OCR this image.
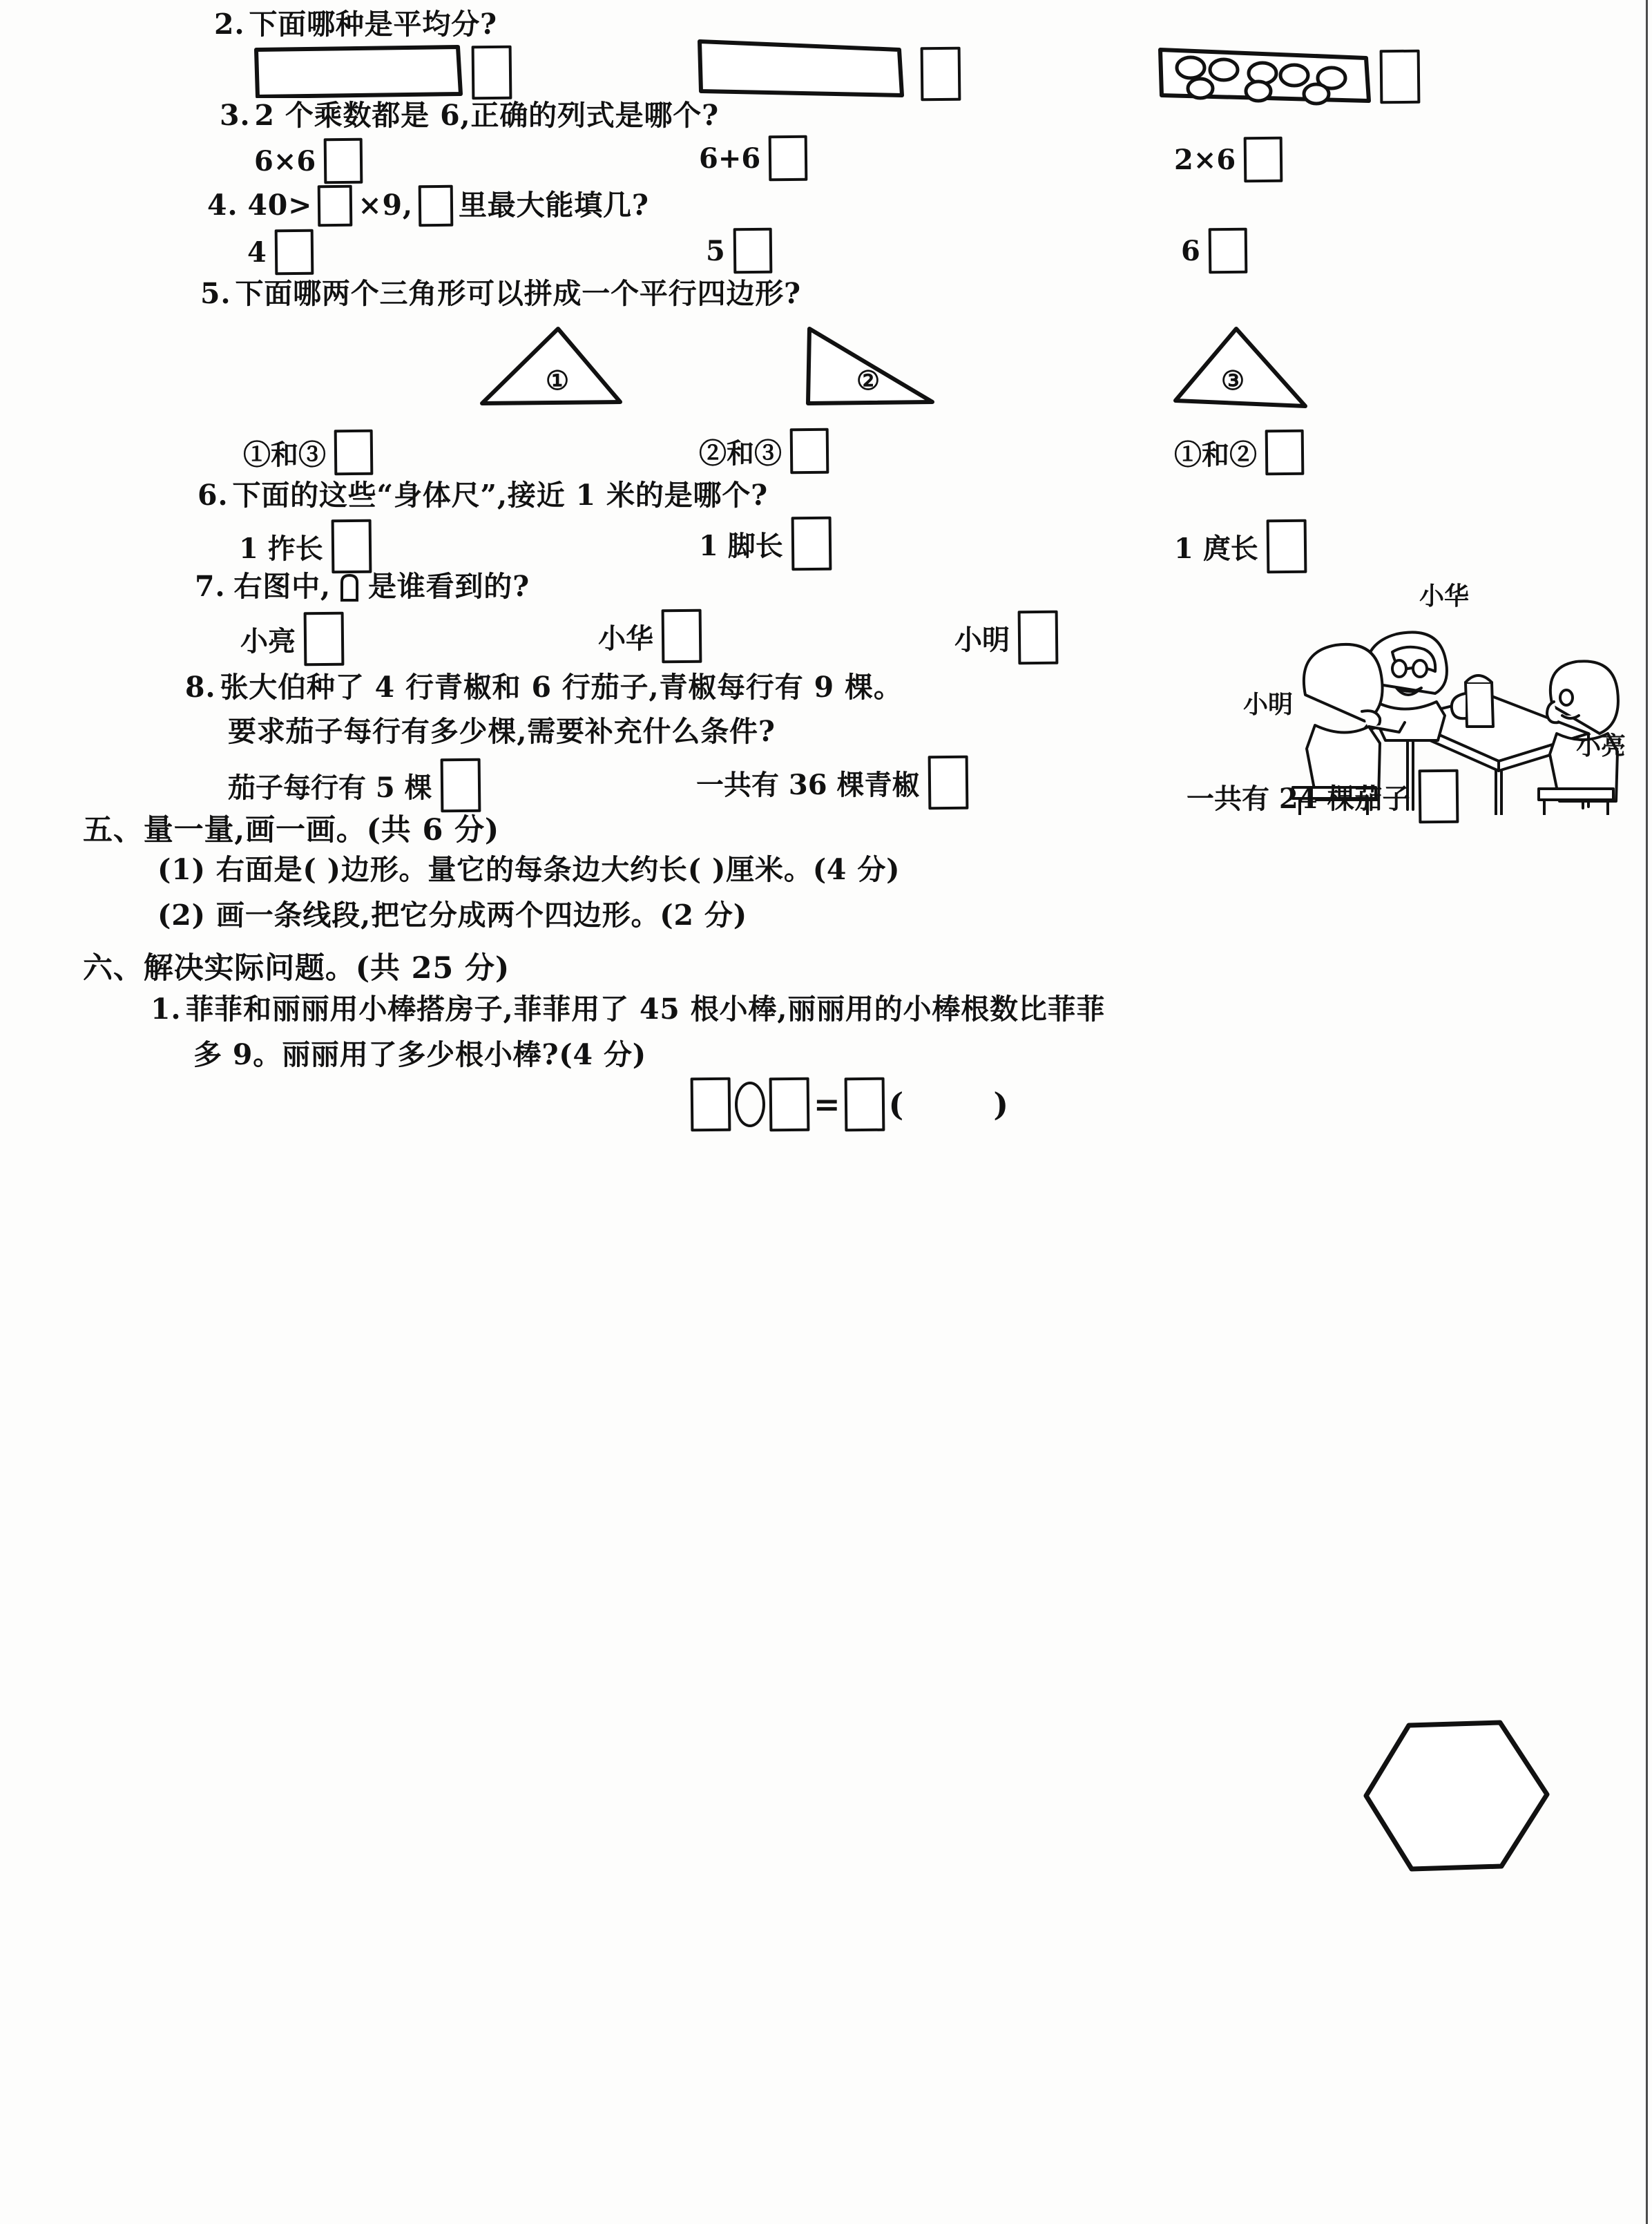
2. 下面哪种是平均分?
3. 2 个乘数都是 6,正确的列式是哪个?
6×6	6+6	2×6
4. 40> ×9, 里最大能填几?
4	5	6
5. 下面哪两个三角形可以拼成一个平行四边形?
①	②	③
①和③	②和③	①和②
6. 下面的这些“身体尺”,接近 1 米的是哪个?
1 拃长	1 脚长	1 庹长
7. 右图中, 是谁看到的?
小亮	小华	小明
小华
小明
小亮
8. 张大伯种了 4 行青椒和 6 行茄子,青椒每行有 9 棵。
要求茄子每行有多少棵,需要补充什么条件?
茄子每行有 5 棵	一共有 36 棵青椒	一共有 24 棵茄子
五、量一量,画一画。(共 6 分)
(1) 右面是( )边形。量它的每条边大约长( )厘米。(4 分)
(2) 画一条线段,把它分成两个四边形。(2 分)
六、解决实际问题。(共 25 分)
1. 菲菲和丽丽用小棒搭房子,菲菲用了 45 根小棒,丽丽用的小棒根数比菲菲
多 9。丽丽用了多少根小棒?(4 分)
= (	)
